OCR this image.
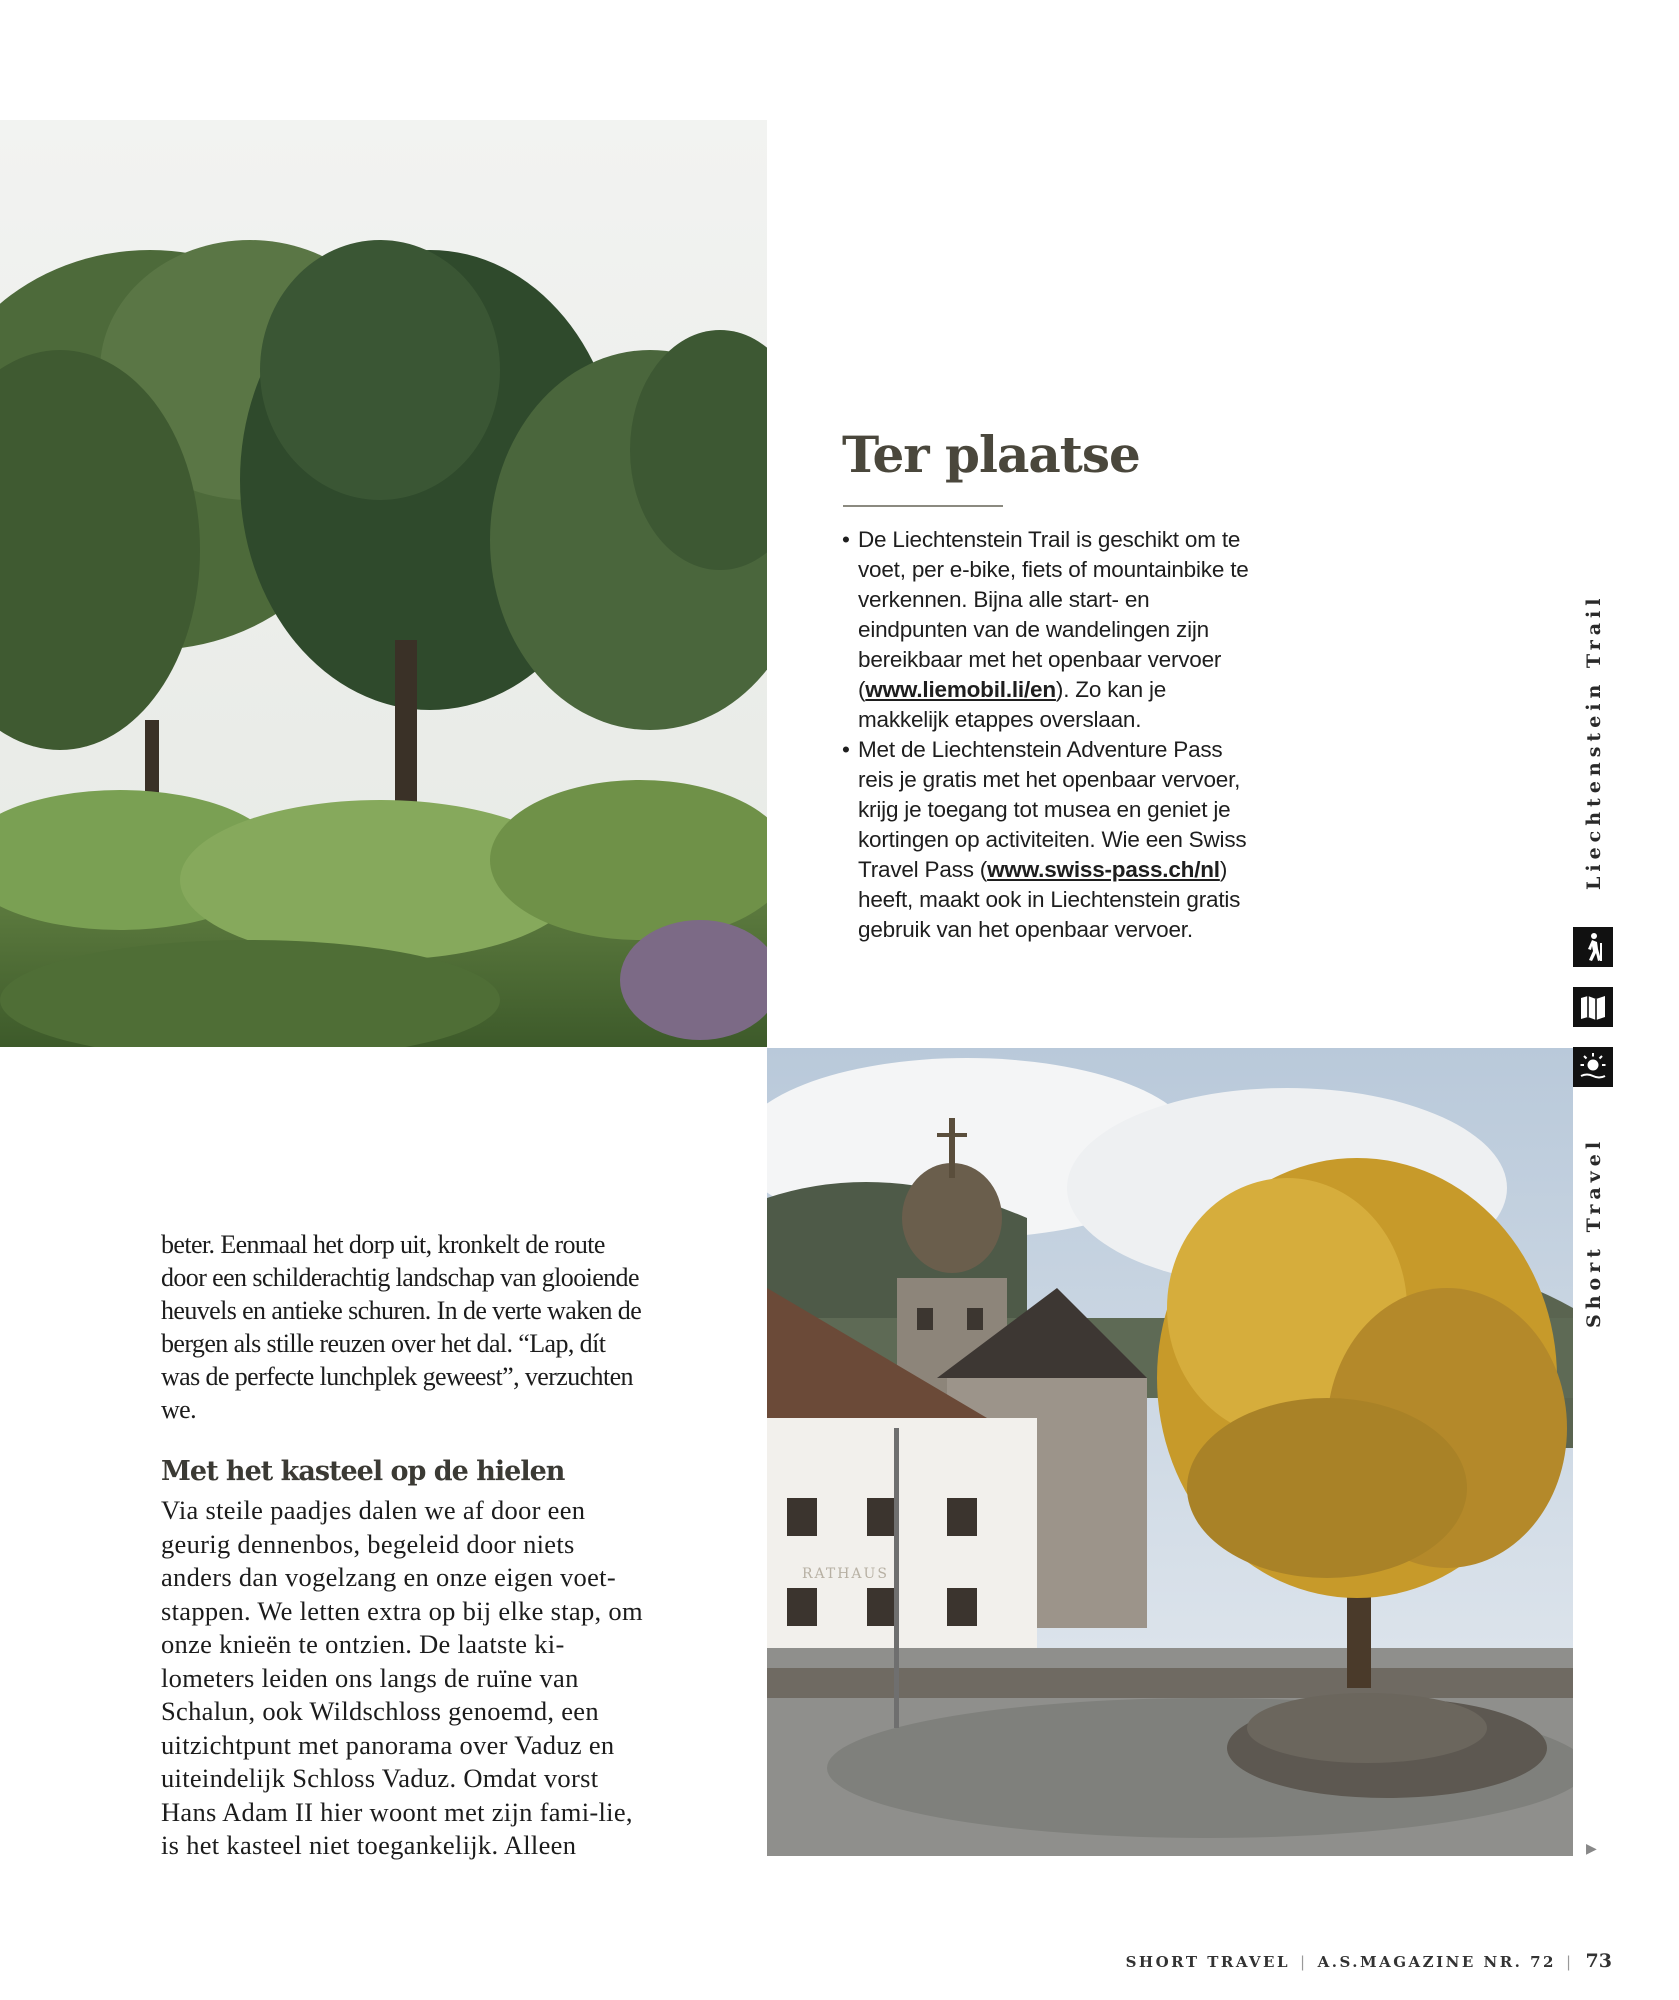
RATHAUS
Ter plaatse
• De Liechtenstein Trail is geschikt om te voet, per e-bike, fiets of mountainbike te verkennen. Bijna alle start- en eindpunten van de wandelingen zijn bereikbaar met het openbaar vervoer (www.liemobil.li/en). Zo kan je makkelijk etappes overslaan.
• Met de Liechtenstein Adventure Pass reis je gratis met het openbaar vervoer, krijg je toegang tot musea en geniet je kortingen op activiteiten. Wie een Swiss Travel Pass (www.swiss-pass.ch/nl) heeft, maakt ook in Liechtenstein gratis gebruik van het openbaar vervoer.
Liechtenstein Trail
Short Travel

beter. Eenmaal het dorp uit, kronkelt de route door een schilderachtig landschap van glooiende heuvels en antieke schuren. In de verte waken de bergen als stille reuzen over het dal. “Lap, dít was de perfecte lunchplek geweest”, verzuchten we.

Met het kasteel op de hielen

Via steile paadjes dalen we af door een geurig dennenbos, begeleid door niets anders dan vogelzang en onze eigen voet-stappen. We letten extra op bij elke stap, om onze knieën te ontzien. De laatste ki-lometers leiden ons langs de ruïne van Schalun, ook Wildschloss genoemd, een uitzichtpunt met panorama over Vaduz en uiteindelijk Schloss Vaduz. Omdat vorst Hans Adam II hier woont met zijn fami-lie, is het kasteel niet toegankelijk. Alleen	▶
SHORT TRAVEL | A.S.MAGAZINE NR. 72 | 73
